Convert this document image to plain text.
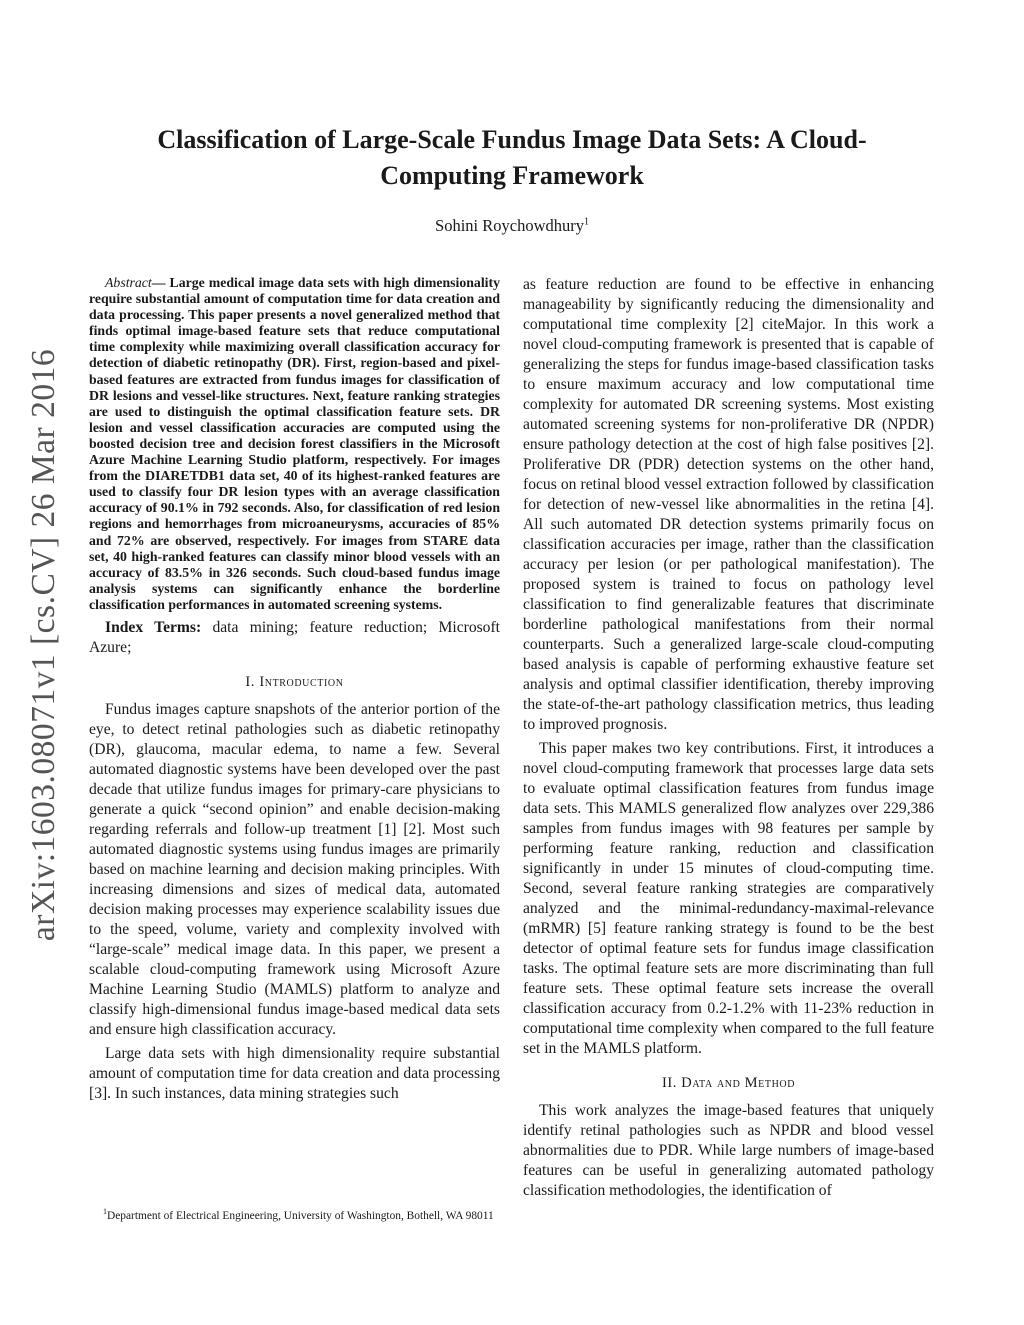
arXiv:1603.08071v1 [cs.CV] 26 Mar 2016
Classification of Large-Scale Fundus Image Data Sets: A Cloud-Computing Framework
Sohini Roychowdhury$^1$

Abstract— Large medical image data sets with high dimensionality require substantial amount of computation time for data creation and data processing. This paper presents a novel generalized method that finds optimal image-based feature sets that reduce computational time complexity while maximizing overall classification accuracy for detection of diabetic retinopathy (DR). First, region-based and pixel-based features are extracted from fundus images for classification of DR lesions and vessel-like structures. Next, feature ranking strategies are used to distinguish the optimal classification feature sets. DR lesion and vessel classification accuracies are computed using the boosted decision tree and decision forest classifiers in the Microsoft Azure Machine Learning Studio platform, respectively. For images from the DIARETDB1 data set, 40 of its highest-ranked features are used to classify four DR lesion types with an average classification accuracy of 90.1% in 792 seconds. Also, for classification of red lesion regions and hemorrhages from microaneurysms, accuracies of 85% and 72% are observed, respectively. For images from STARE data set, 40 high-ranked features can classify minor blood vessels with an accuracy of 83.5% in 326 seconds. Such cloud-based fundus image analysis systems can significantly enhance the borderline classification performances in automated screening systems.

Index Terms: data mining; feature reduction; Microsoft Azure;

I. Introduction

Fundus images capture snapshots of the anterior portion of the eye, to detect retinal pathologies such as diabetic retinopathy (DR), glaucoma, macular edema, to name a few. Several automated diagnostic systems have been developed over the past decade that utilize fundus images for primary-care physicians to generate a quick “second opinion” and enable decision-making regarding referrals and follow-up treatment [1] [2]. Most such automated diagnostic systems using fundus images are primarily based on machine learning and decision making principles. With increasing dimensions and sizes of medical data, automated decision making processes may experience scalability issues due to the speed, volume, variety and complexity involved with “large-scale” medical image data. In this paper, we present a scalable cloud-computing framework using Microsoft Azure Machine Learning Studio (MAMLS) platform to analyze and classify high-dimensional fundus image-based medical data sets and ensure high classification accuracy.

Large data sets with high dimensionality require substantial amount of computation time for data creation and data processing [3]. In such instances, data mining strategies such

$^1$Department of Electrical Engineering, University of Washington, Bothell, WA 98011

as feature reduction are found to be effective in enhancing manageability by significantly reducing the dimensionality and computational time complexity [2] citeMajor. In this work a novel cloud-computing framework is presented that is capable of generalizing the steps for fundus image-based classification tasks to ensure maximum accuracy and low computational time complexity for automated DR screening systems. Most existing automated screening systems for non-proliferative DR (NPDR) ensure pathology detection at the cost of high false positives [2]. Proliferative DR (PDR) detection systems on the other hand, focus on retinal blood vessel extraction followed by classification for detection of new-vessel like abnormalities in the retina [4]. All such automated DR detection systems primarily focus on classification accuracies per image, rather than the classification accuracy per lesion (or per pathological manifestation). The proposed system is trained to focus on pathology level classification to find generalizable features that discriminate borderline pathological manifestations from their normal counterparts. Such a generalized large-scale cloud-computing based analysis is capable of performing exhaustive feature set analysis and optimal classifier identification, thereby improving the state-of-the-art pathology classification metrics, thus leading to improved prognosis.

This paper makes two key contributions. First, it introduces a novel cloud-computing framework that processes large data sets to evaluate optimal classification features from fundus image data sets. This MAMLS generalized flow analyzes over 229,386 samples from fundus images with 98 features per sample by performing feature ranking, reduction and classification significantly in under 15 minutes of cloud-computing time. Second, several feature ranking strategies are comparatively analyzed and the minimal-redundancy-maximal-relevance (mRMR) [5] feature ranking strategy is found to be the best detector of optimal feature sets for fundus image classification tasks. The optimal feature sets are more discriminating than full feature sets. These optimal feature sets increase the overall classification accuracy from 0.2-1.2% with 11-23% reduction in computational time complexity when compared to the full feature set in the MAMLS platform.

II. Data and Method

This work analyzes the image-based features that uniquely identify retinal pathologies such as NPDR and blood vessel abnormalities due to PDR. While large numbers of image-based features can be useful in generalizing automated pathology classification methodologies, the identification of
